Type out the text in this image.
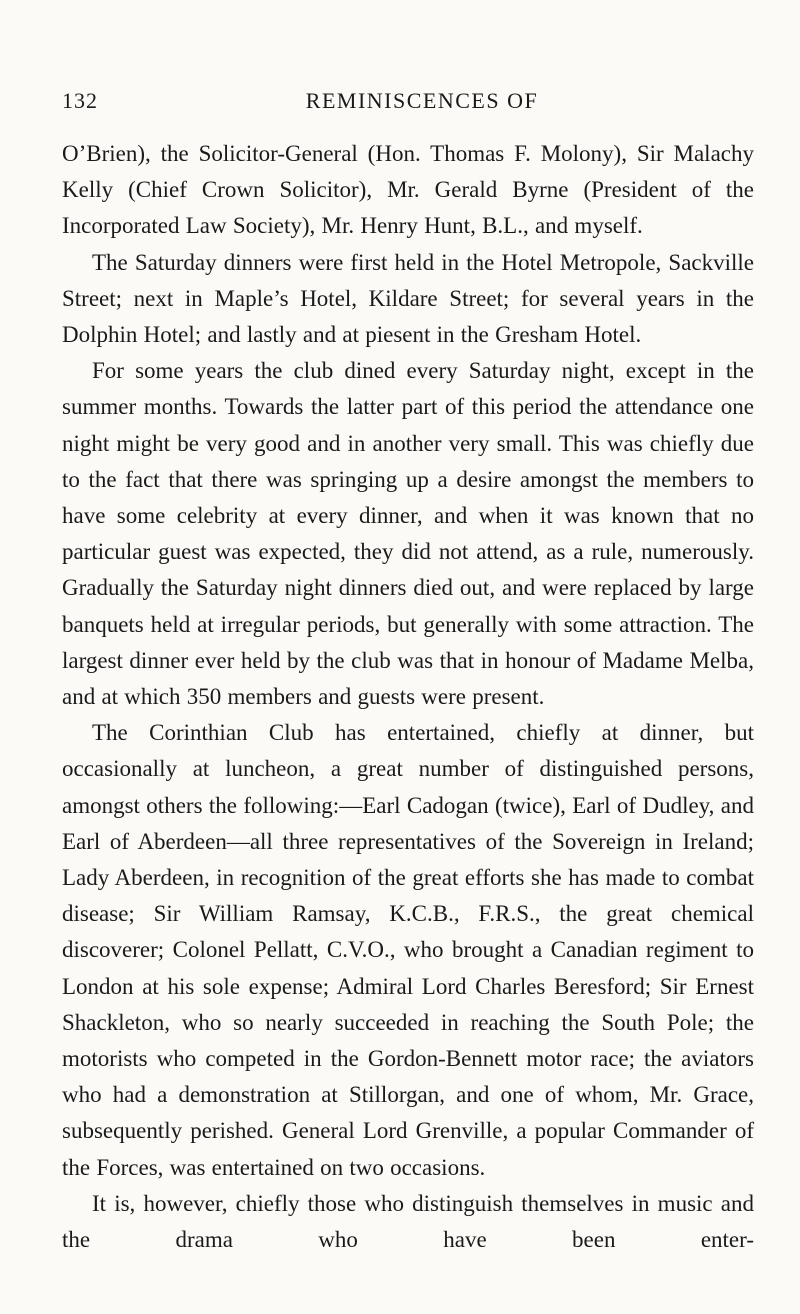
132	REMINISCENCES OF

O’Brien), the Solicitor-General (Hon. Thomas F. Molony), Sir Malachy Kelly (Chief Crown Solicitor), Mr. Gerald Byrne (President of the Incorporated Law Society), Mr. Henry Hunt, B.L., and myself.

The Saturday dinners were first held in the Hotel Metropole, Sackville Street; next in Maple’s Hotel, Kildare Street; for several years in the Dolphin Hotel; and lastly and at piesent in the Gresham Hotel.

For some years the club dined every Saturday night, except in the summer months. Towards the latter part of this period the attendance one night might be very good and in another very small. This was chiefly due to the fact that there was springing up a desire amongst the members to have some celebrity at every dinner, and when it was known that no particular guest was expected, they did not attend, as a rule, numerously. Gradually the Saturday night dinners died out, and were replaced by large banquets held at irregular periods, but generally with some attraction. The largest dinner ever held by the club was that in honour of Madame Melba, and at which 350 members and guests were present.

The Corinthian Club has entertained, chiefly at dinner, but occasionally at luncheon, a great number of distinguished persons, amongst others the following:—Earl Cadogan (twice), Earl of Dudley, and Earl of Aberdeen—all three representatives of the Sovereign in Ireland; Lady Aberdeen, in recognition of the great efforts she has made to combat disease; Sir William Ramsay, K.C.B., F.R.S., the great chemical discoverer; Colonel Pellatt, C.V.O., who brought a Canadian regiment to London at his sole expense; Admiral Lord Charles Beresford; Sir Ernest Shackleton, who so nearly succeeded in reaching the South Pole; the motorists who competed in the Gordon-Bennett motor race; the aviators who had a demonstration at Stillorgan, and one of whom, Mr. Grace, subsequently perished. General Lord Grenville, a popular Commander of the Forces, was entertained on two occasions.

It is, however, chiefly those who distinguish themselves in music and the drama who have been enter-
